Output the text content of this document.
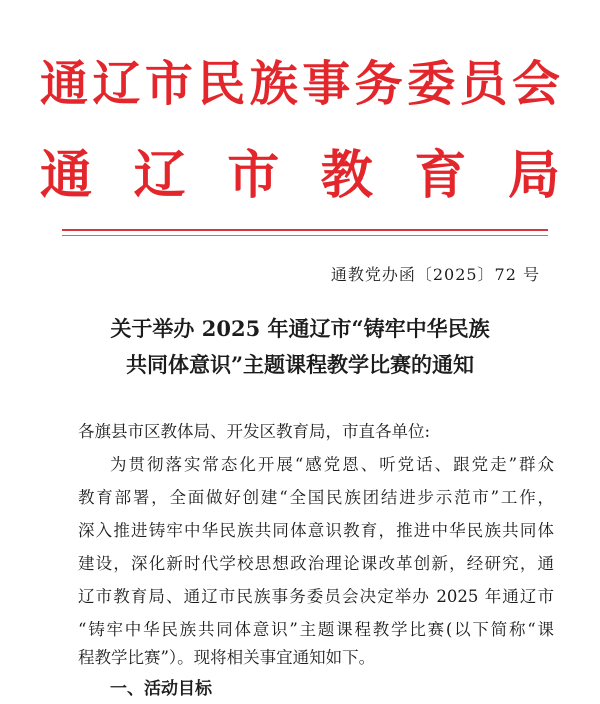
通辽市民族事务委员会
通辽市教育局
通教党办函〔2025〕72 号
关于举办 2025 年通辽市“铸牢中华民族
共同体意识”主题课程教学比赛的通知
各旗县市区教体局、开发区教育局，市直各单位:
为贯彻落实常态化开展“感党恩、听党话、跟党走”群众
教育部署，全面做好创建“全国民族团结进步示范市”工作，
深入推进铸牢中华民族共同体意识教育，推进中华民族共同体
建设，深化新时代学校思想政治理论课改革创新，经研究，通
辽市教育局、通辽市民族事务委员会决定举办 2025 年通辽市
“铸牢中华民族共同体意识”主题课程教学比赛(以下简称“课
一、活动目标
程教学比赛”）。现将相关事宜通知如下。
